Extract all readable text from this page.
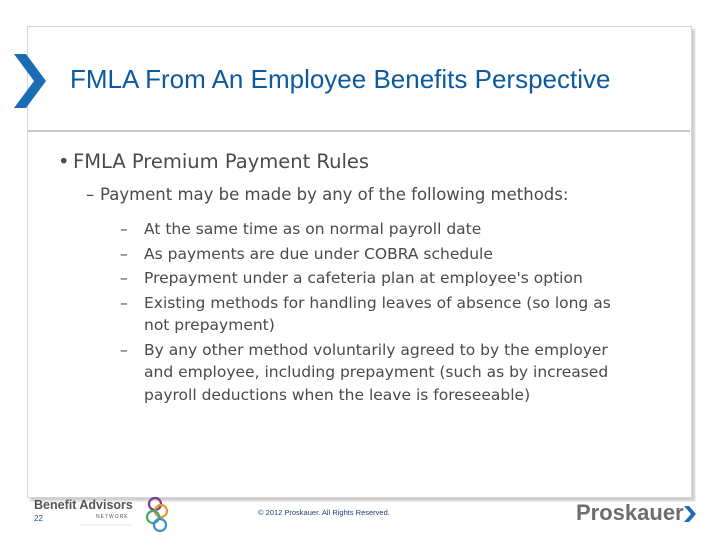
FMLA From An Employee Benefits Perspective
• FMLA Premium Payment Rules
– Payment may be made by any of the following methods:
– At the same time as on normal payroll date
– As payments are due under COBRA schedule
– Prepayment under a cafeteria plan at employee's option
– Existing methods for handling leaves of absence (so long as not prepayment)
– By any other method voluntarily agreed to by the employer and employee, including prepayment (such as by increased payroll deductions when the leave is foreseeable)
Benefit Advisors
NETWORK
22
© 2012 Proskauer. All Rights Reserved.	Proskauer
